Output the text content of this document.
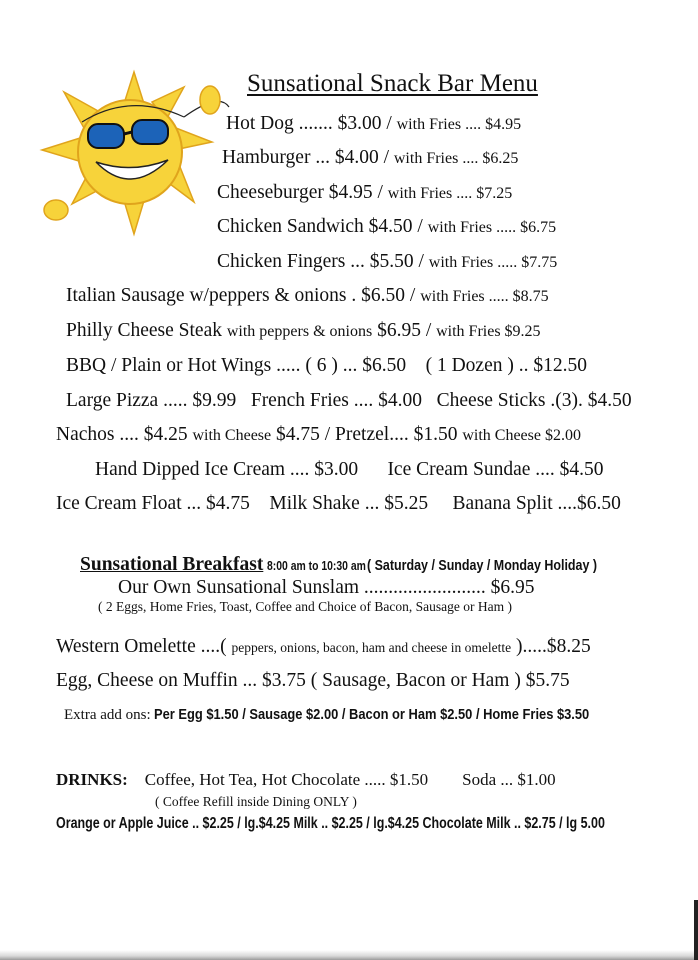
Sunsational Snack Bar Menu
Hot Dog ....... $3.00 / with Fries .... $4.95
Hamburger ... $4.00 / with Fries .... $6.25
Cheeseburger $4.95 / with Fries .... $7.25
Chicken Sandwich $4.50 / with Fries ..... $6.75
Chicken Fingers ... $5.50 / with Fries ..... $7.75
Italian Sausage w/peppers & onions . $6.50 / with Fries ..... $8.75
Philly Cheese Steak with peppers & onions $6.95 / with Fries $9.25
BBQ / Plain or Hot Wings ..... ( 6 ) ... $6.50 ( 1 Dozen ) .. $12.50
Large Pizza ..... $9.99 French Fries .... $4.00 Cheese Sticks .(3). $4.50
Nachos .... $4.25 with Cheese $4.75 / Pretzel.... $1.50 with Cheese $2.00
Hand Dipped Ice Cream .... $3.00 Ice Cream Sundae .... $4.50
Ice Cream Float ... $4.75 Milk Shake ... $5.25 Banana Split ....$6.50
Sunsational Breakfast 8:00 am to 10:30 am ( Saturday / Sunday / Monday Holiday )
Our Own Sunsational Sunslam ......................... $6.95
( 2 Eggs, Home Fries, Toast, Coffee and Choice of Bacon, Sausage or Ham )
Western Omelette ....( peppers, onions, bacon, ham and cheese in omelette ).....$8.25
Egg, Cheese on Muffin ... $3.75 ( Sausage, Bacon or Ham ) $5.75
Extra add ons: Per Egg $1.50 / Sausage $2.00 / Bacon or Ham $2.50 / Home Fries $3.50
DRINKS: Coffee, Hot Tea, Hot Chocolate ..... $1.50 Soda ... $1.00
( Coffee Refill inside Dining ONLY )
Orange or Apple Juice .. $2.25 / lg.$4.25 Milk .. $2.25 / lg.$4.25 Chocolate Milk .. $2.75 / lg 5.00
